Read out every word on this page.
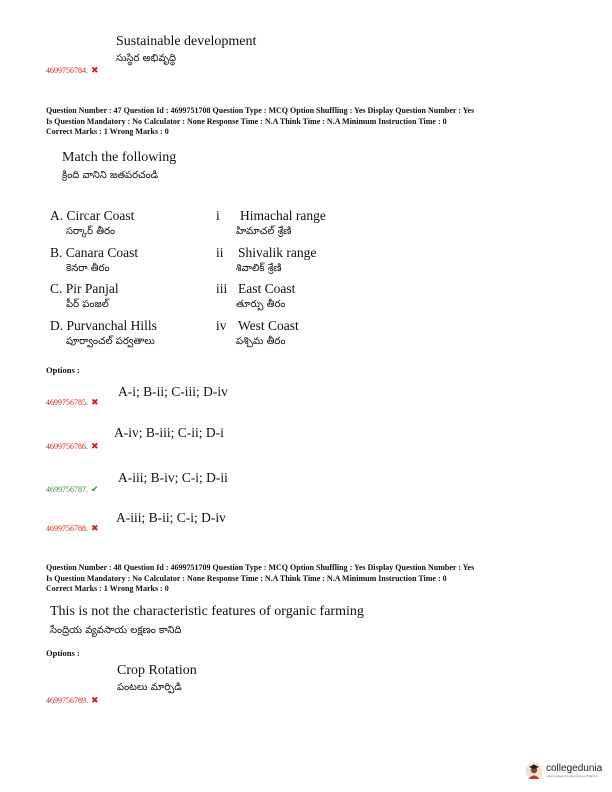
Sustainable development
సుస్థిర అభివృద్ధి
4699756784. ✖
Question Number : 47 Question Id : 4699751708 Question Type : MCQ Option Shuffling : Yes Display Question Number : Yes
Is Question Mandatory : No Calculator : None Response Time : N.A Think Time : N.A Minimum Instruction Time : 0
Correct Marks : 1 Wrong Marks : 0
Match the following
క్రింది వానిని జతపరచండి
A. Circar Coast
సర్కార్ తీరం
B. Canara Coast
కెనరా తీరం
C. Pir Panjal
పీర్ పంజల్
D. Purvanchal Hills
పూర్వాంచల్ పర్వతాలు
i Himachal range
హిమాచల్ శ్రేణి
ii Shivalik range
శివాలిక్ శ్రేణి
iii East Coast
తూర్పు తీరం
iv West Coast
పశ్చిమ తీరం
Options :
4699756785. ✖
A-i; B-ii; C-iii; D-iv
4699756786. ✖
A-iv; B-iii; C-ii; D-i
4699756787. ✔
A-iii; B-iv; C-i; D-ii
4699756788. ✖
A-iii; B-ii; C-i; D-iv
Question Number : 48 Question Id : 4699751709 Question Type : MCQ Option Shuffling : Yes Display Question Number : Yes
Is Question Mandatory : No Calculator : None Response Time : N.A Think Time : N.A Minimum Instruction Time : 0
Correct Marks : 1 Wrong Marks : 0
This is not the characteristic features of organic farming
సేంద్రియ వ్యవసాయ లక్షణం కానిది
Options :
Crop Rotation
పంటలు మార్పిడి
4699756789. ✖
collegedunia
India's largest Student Review Platform
